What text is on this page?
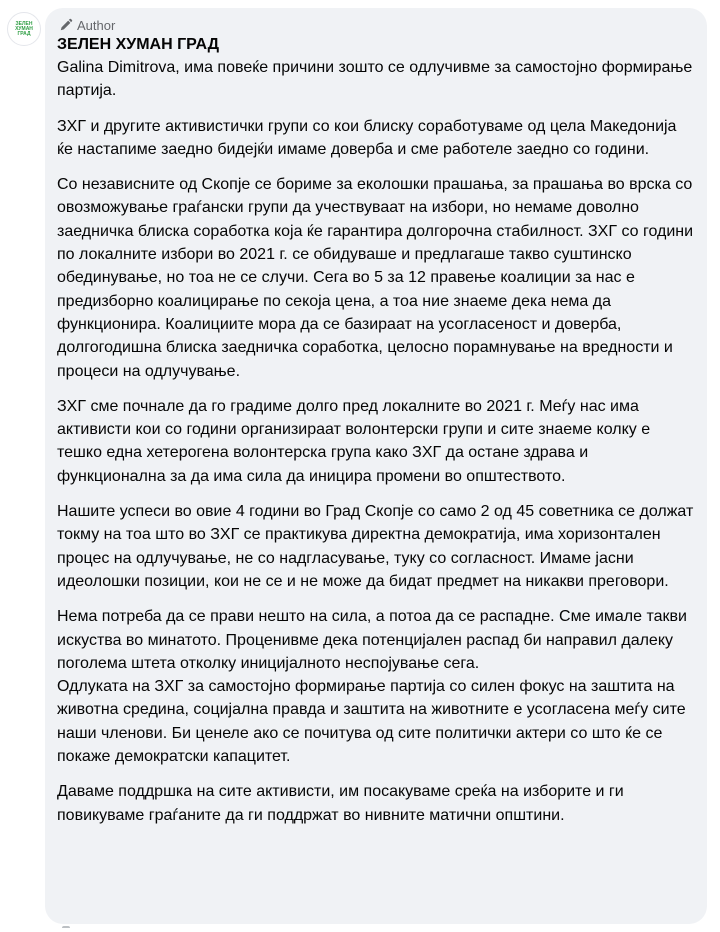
ЗЕЛЕН
ХУМАН
ГРАД
Author
ЗЕЛЕН ХУМАН ГРАД

Galina Dimitrova, има повеќе причини зошто се одлучивме за самостојно формирање партија.

ЗХГ и другите активистички групи со кои блиску соработуваме од цела Македонија ќе настапиме заедно бидејќи имаме доверба и сме работеле заедно со години.

Со независните од Скопје се бориме за еколошки прашања, за прашања во врска со овозможување граѓански групи да учествуваат на избори, но немаме доволно заедничка блиска соработка која ќе гарантира долгорочна стабилност. ЗХГ со години по локалните избори во 2021 г. се обидуваше и предлагаше такво суштинско обединување, но тоа не се случи. Сега во 5 за 12 правење коалиции за нас е предизборно коалицирање по секоја цена, а тоа ние знаеме дека нема да функционира. Коалициите мора да се базираат на усогласеност и доверба, долгогодишна блиска заедничка соработка, целосно порамнување на вредности и процеси на одлучување.

ЗХГ сме почнале да го градиме долго пред локалните во 2021 г. Меѓу нас има активисти кои со години организираат волонтерски групи и сите знаеме колку е тешко една хетерогена волонтерска група како ЗХГ да остане здрава и функционална за да има сила да иницира промени во општеството.

Нашите успеси во овие 4 години во Град Скопје со само 2 од 45 советника се должат токму на тоа што во ЗХГ се практикува директна демократија, има хоризонтален процес на одлучување, не со надгласување, туку со согласност. Имаме јасни идеолошки позиции, кои не се и не може да бидат предмет на никакви преговори.

Нема потреба да се прави нешто на сила, а потоа да се распадне. Сме имале такви искуства во минатото. Проценивме дека потенцијален распад би направил далеку поголема штета отколку иницијалното неспојување сега.

Одлуката на ЗХГ за самостојно формирање партија со силен фокус на заштита на животна средина, социјална правда и заштита на животните е усогласена меѓу сите наши членови. Би ценеле ако се почитува од сите политички актери со што ќе се покаже демократски капацитет.

Даваме поддршка на сите активисти, им посакуваме среќа на изборите и ги повикуваме граѓаните да ги поддржат во нивните матични општини.
